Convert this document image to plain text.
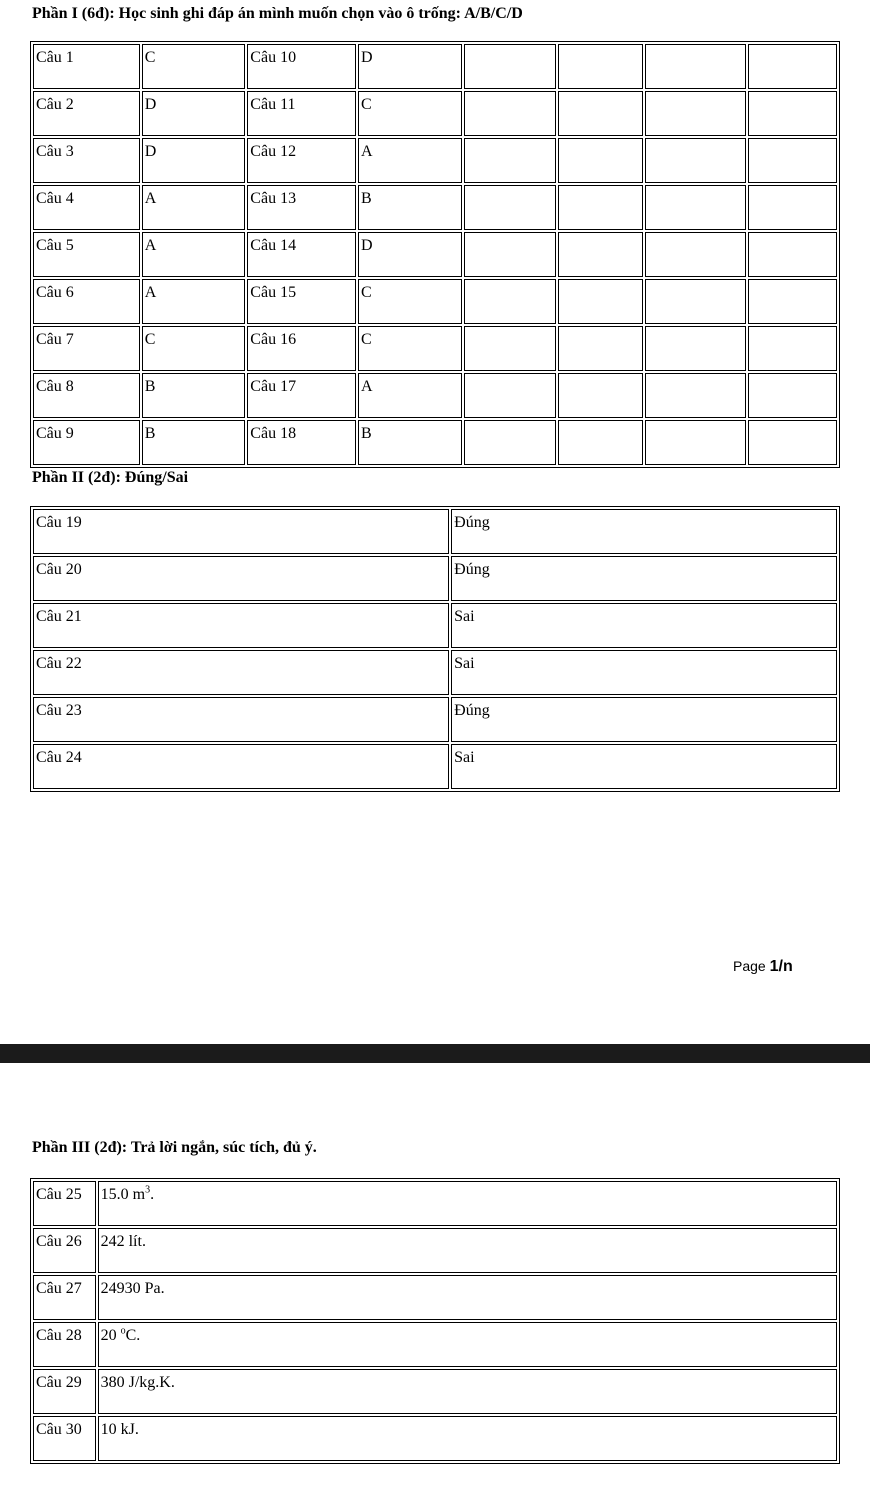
Phần I (6đ): Học sinh ghi đáp án mình muốn chọn vào ô trống: A/B/C/D
Câu 1	C	Câu 10	D				
Câu 2	D	Câu 11	C				
Câu 3	D	Câu 12	A				
Câu 4	A	Câu 13	B				
Câu 5	A	Câu 14	D				
Câu 6	A	Câu 15	C				
Câu 7	C	Câu 16	C				
Câu 8	B	Câu 17	A				
Câu 9	B	Câu 18	B				
Phần II (2đ): Đúng/Sai
Câu 19	Đúng
Câu 20	Đúng
Câu 21	Sai
Câu 22	Sai
Câu 23	Đúng
Câu 24	Sai
Page 1/n
Phần III (2đ): Trả lời ngắn, súc tích, đủ ý.
Câu 25	15.0 $m^3$.
Câu 26	242 lít.
Câu 27	24930 Pa.
Câu 28	20 $^o$C.
Câu 29	380 J/kg.K.
Câu 30	10 kJ.
